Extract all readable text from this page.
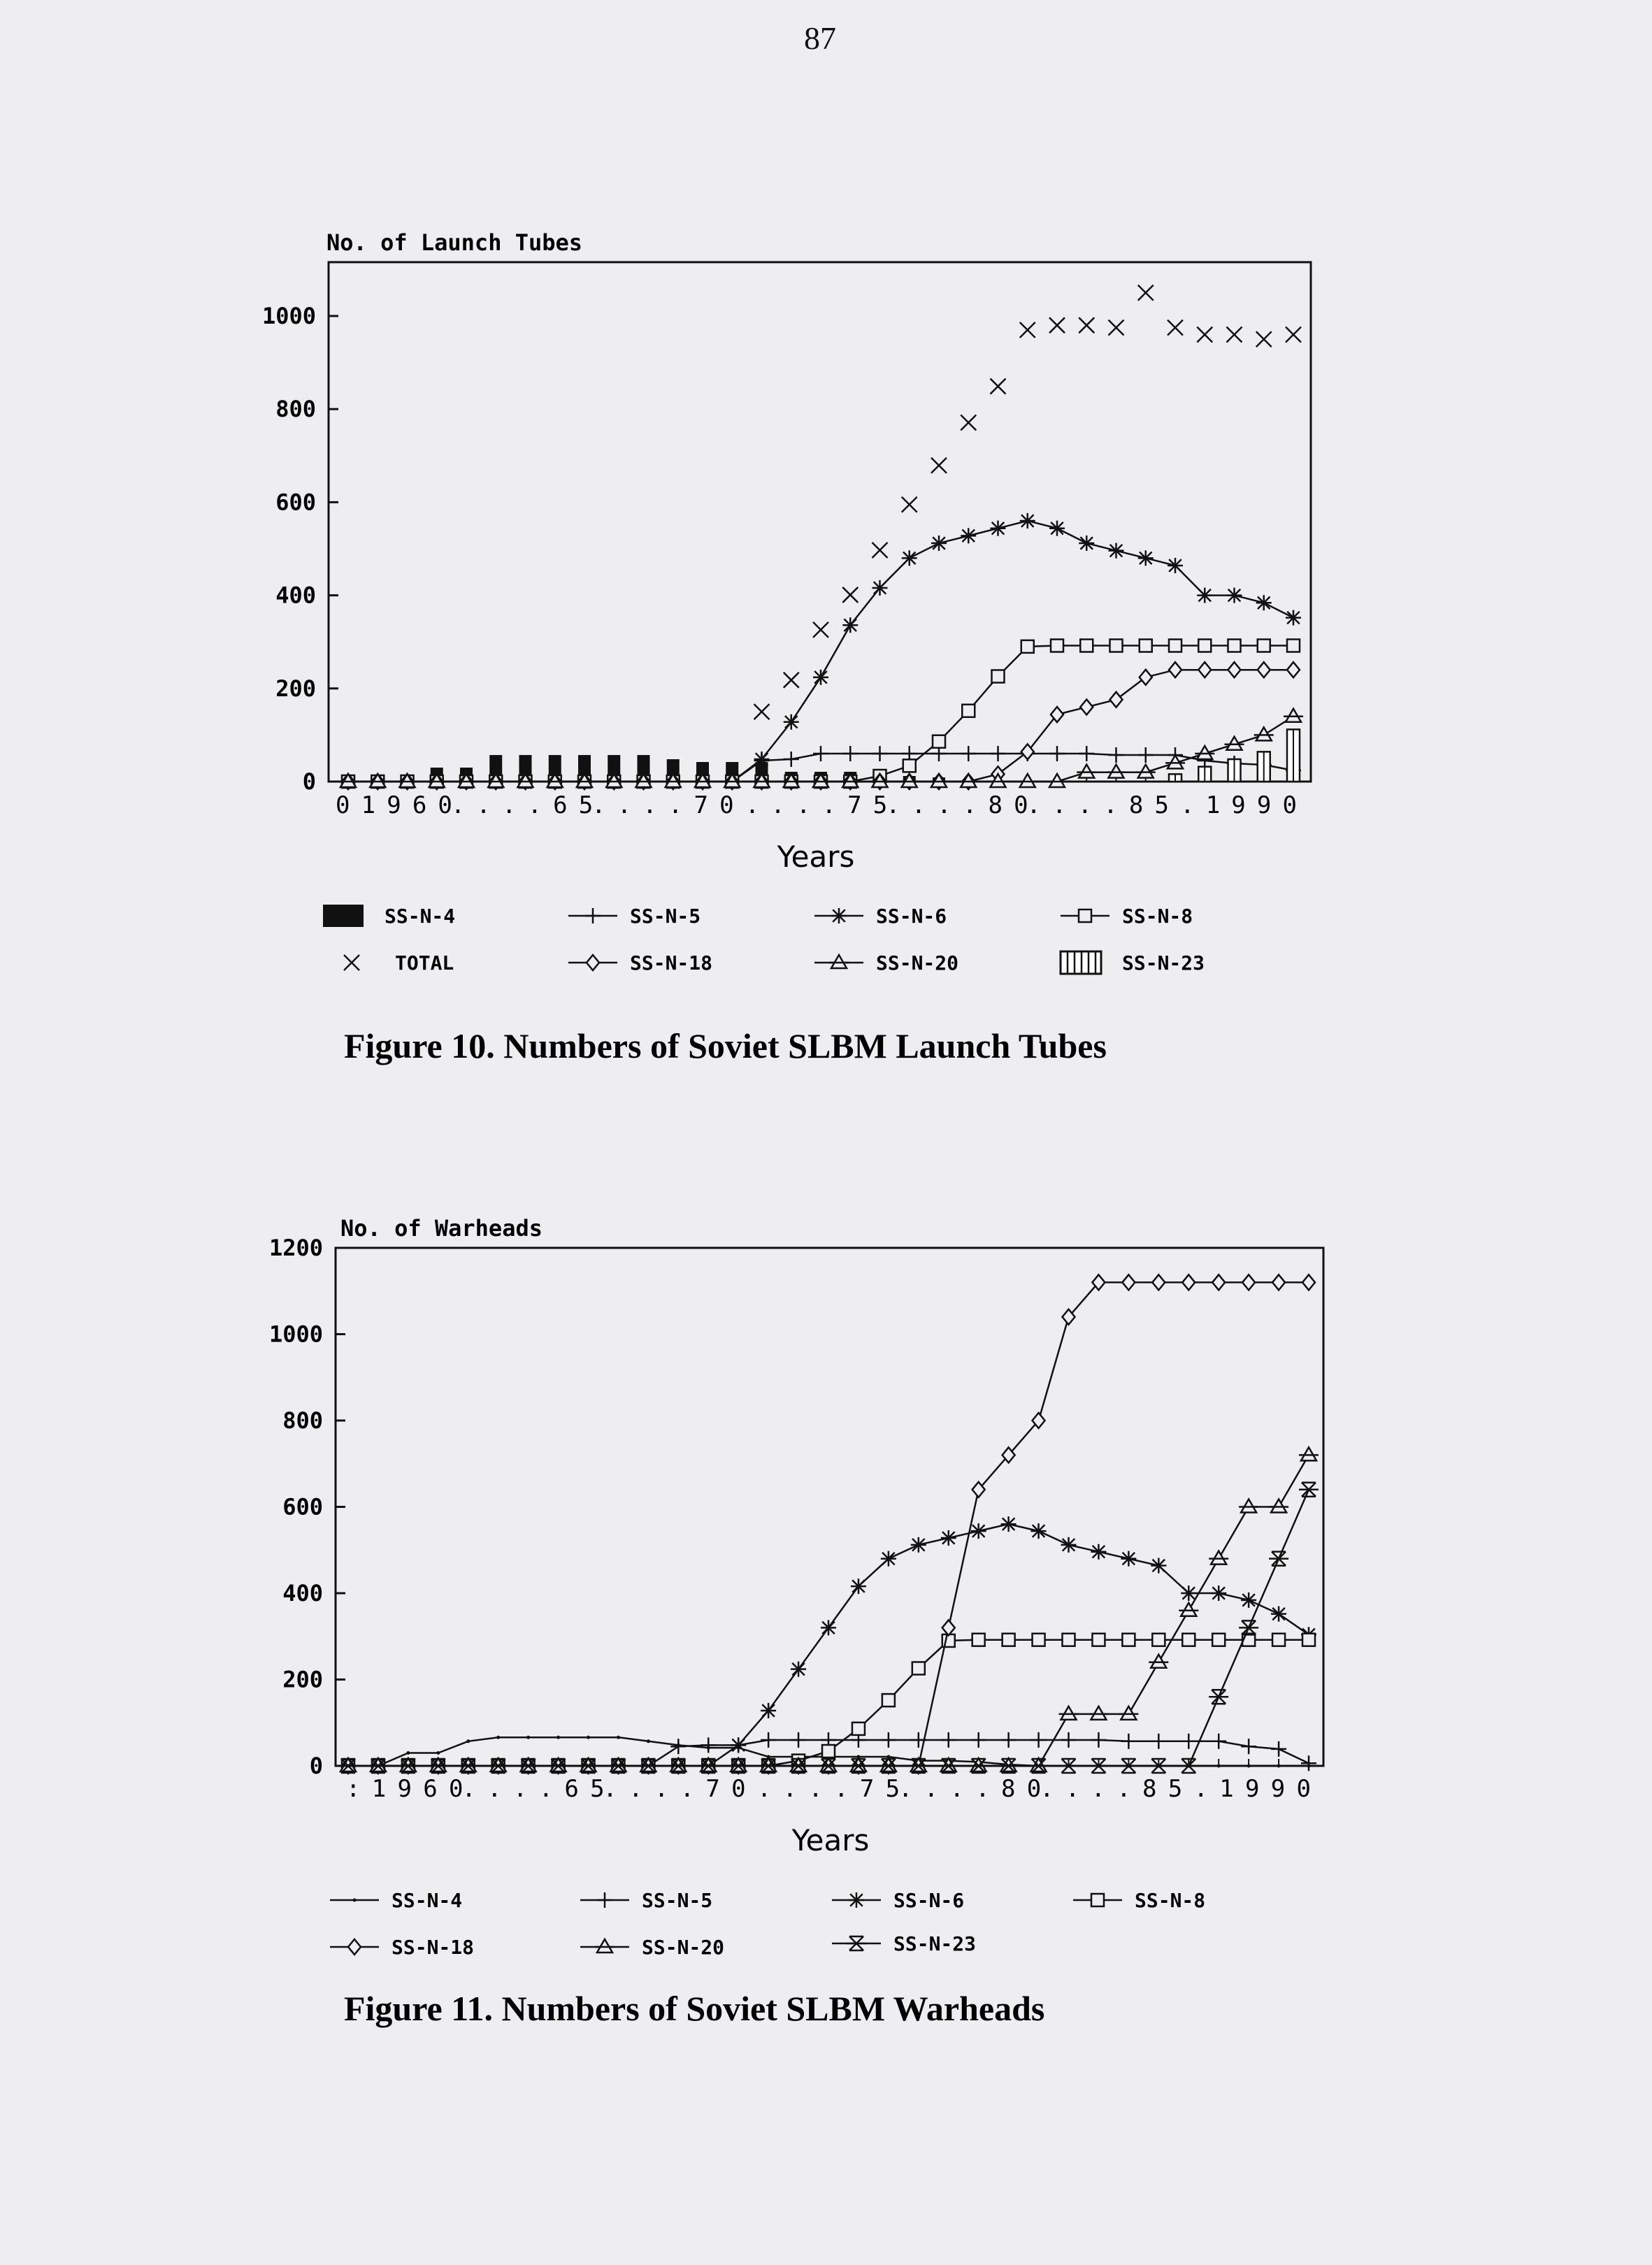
87
No. of Launch Tubes
0
200
400
600
800
1000
0 1 9 6 0. . . . 6 5. . . . 7 0 . . . . 7 5. . . . 8 0. . . . 8 5 . 1 9 9 0
Years
SS-N-4	SS-N-5	SS-N-6	SS-N-8
TOTAL	SS-N-18	SS-N-20	SS-N-23
Figure 10. Numbers of Soviet SLBM Launch Tubes
No. of Warheads
0
200
400
600
800
1000
1200
: 1 9 6 0. . . . 6 5. . . . 7 0 . . . . 7 5. . . . 8 0. . . . 8 5 . 1 9 9 0
Years
SS-N-4	SS-N-5	SS-N-6	SS-N-8
SS-N-18	SS-N-20	SS-N-23
Figure 11. Numbers of Soviet SLBM Warheads
